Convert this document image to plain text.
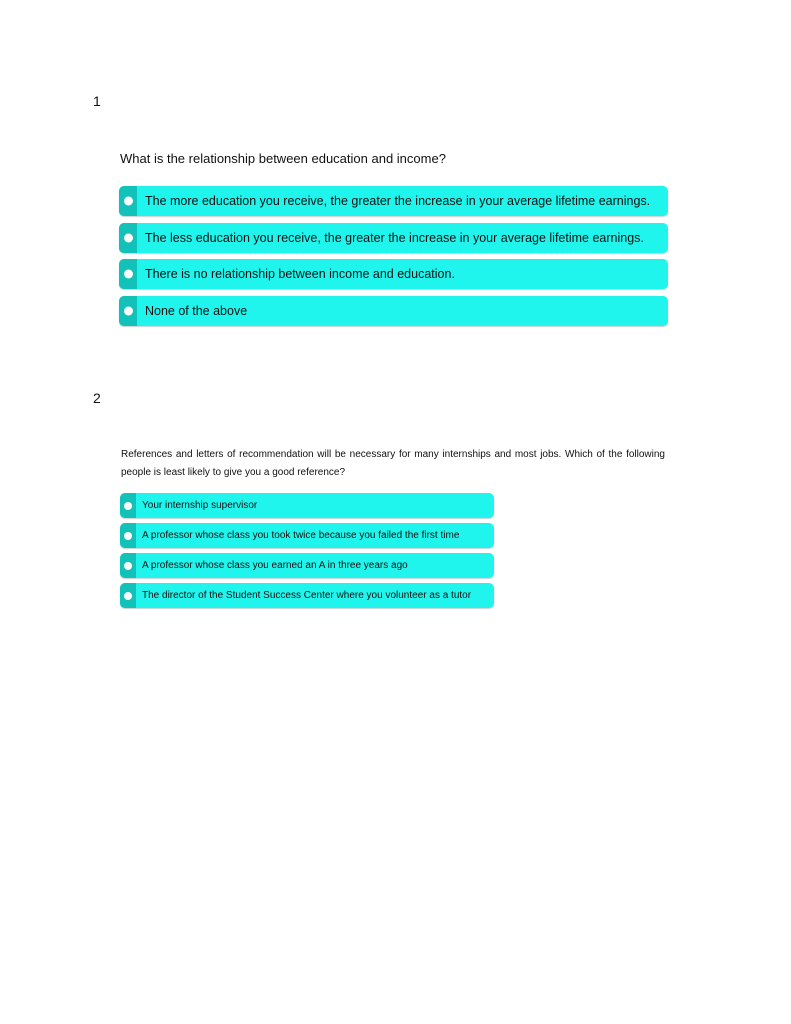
1
What is the relationship between education and income?
The more education you receive, the greater the increase in your average lifetime earnings.
The less education you receive, the greater the increase in your average lifetime earnings.
There is no relationship between income and education.
None of the above
2
References and letters of recommendation will be necessary for many internships and most jobs. Which of the following people is least likely to give you a good reference?
Your internship supervisor
A professor whose class you took twice because you failed the first time
A professor whose class you earned an A in three years ago
The director of the Student Success Center where you volunteer as a tutor
